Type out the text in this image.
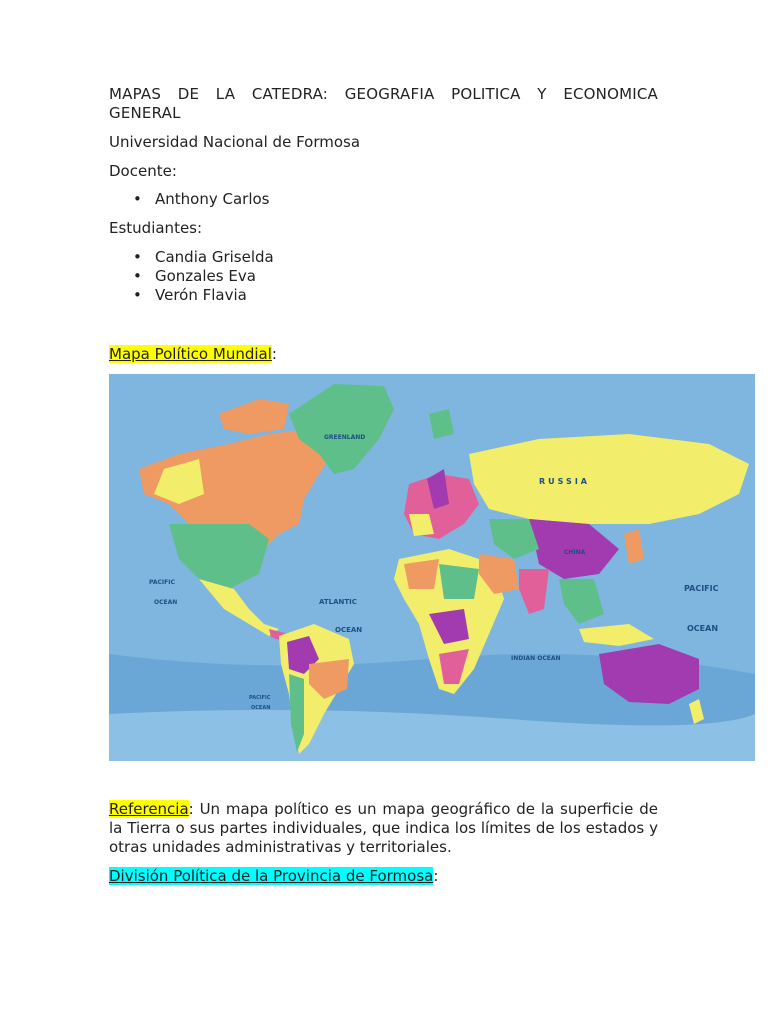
MAPAS DE LA CATEDRA: GEOGRAFIA POLITICA Y ECONOMICA
GENERAL

Universidad Nacional de Formosa

Docente:

• Anthony Carlos

Estudiantes:

• Candia Griselda
• Gonzales Eva
• Verón Flavia

Mapa Político Mundial:

GREENLAND
RUSSIA
CHINA
ATLANTIC
OCEAN
INDIAN OCEAN
PACIFIC
OCEAN
PACIFIC
OCEAN
PACIFIC
OCEAN

Referencia: Un mapa político es un mapa geográfico de la superficie de la Tierra o sus partes individuales, que indica los límites de los estados y otras unidades administrativas y territoriales.

División Política de la Provincia de Formosa:
